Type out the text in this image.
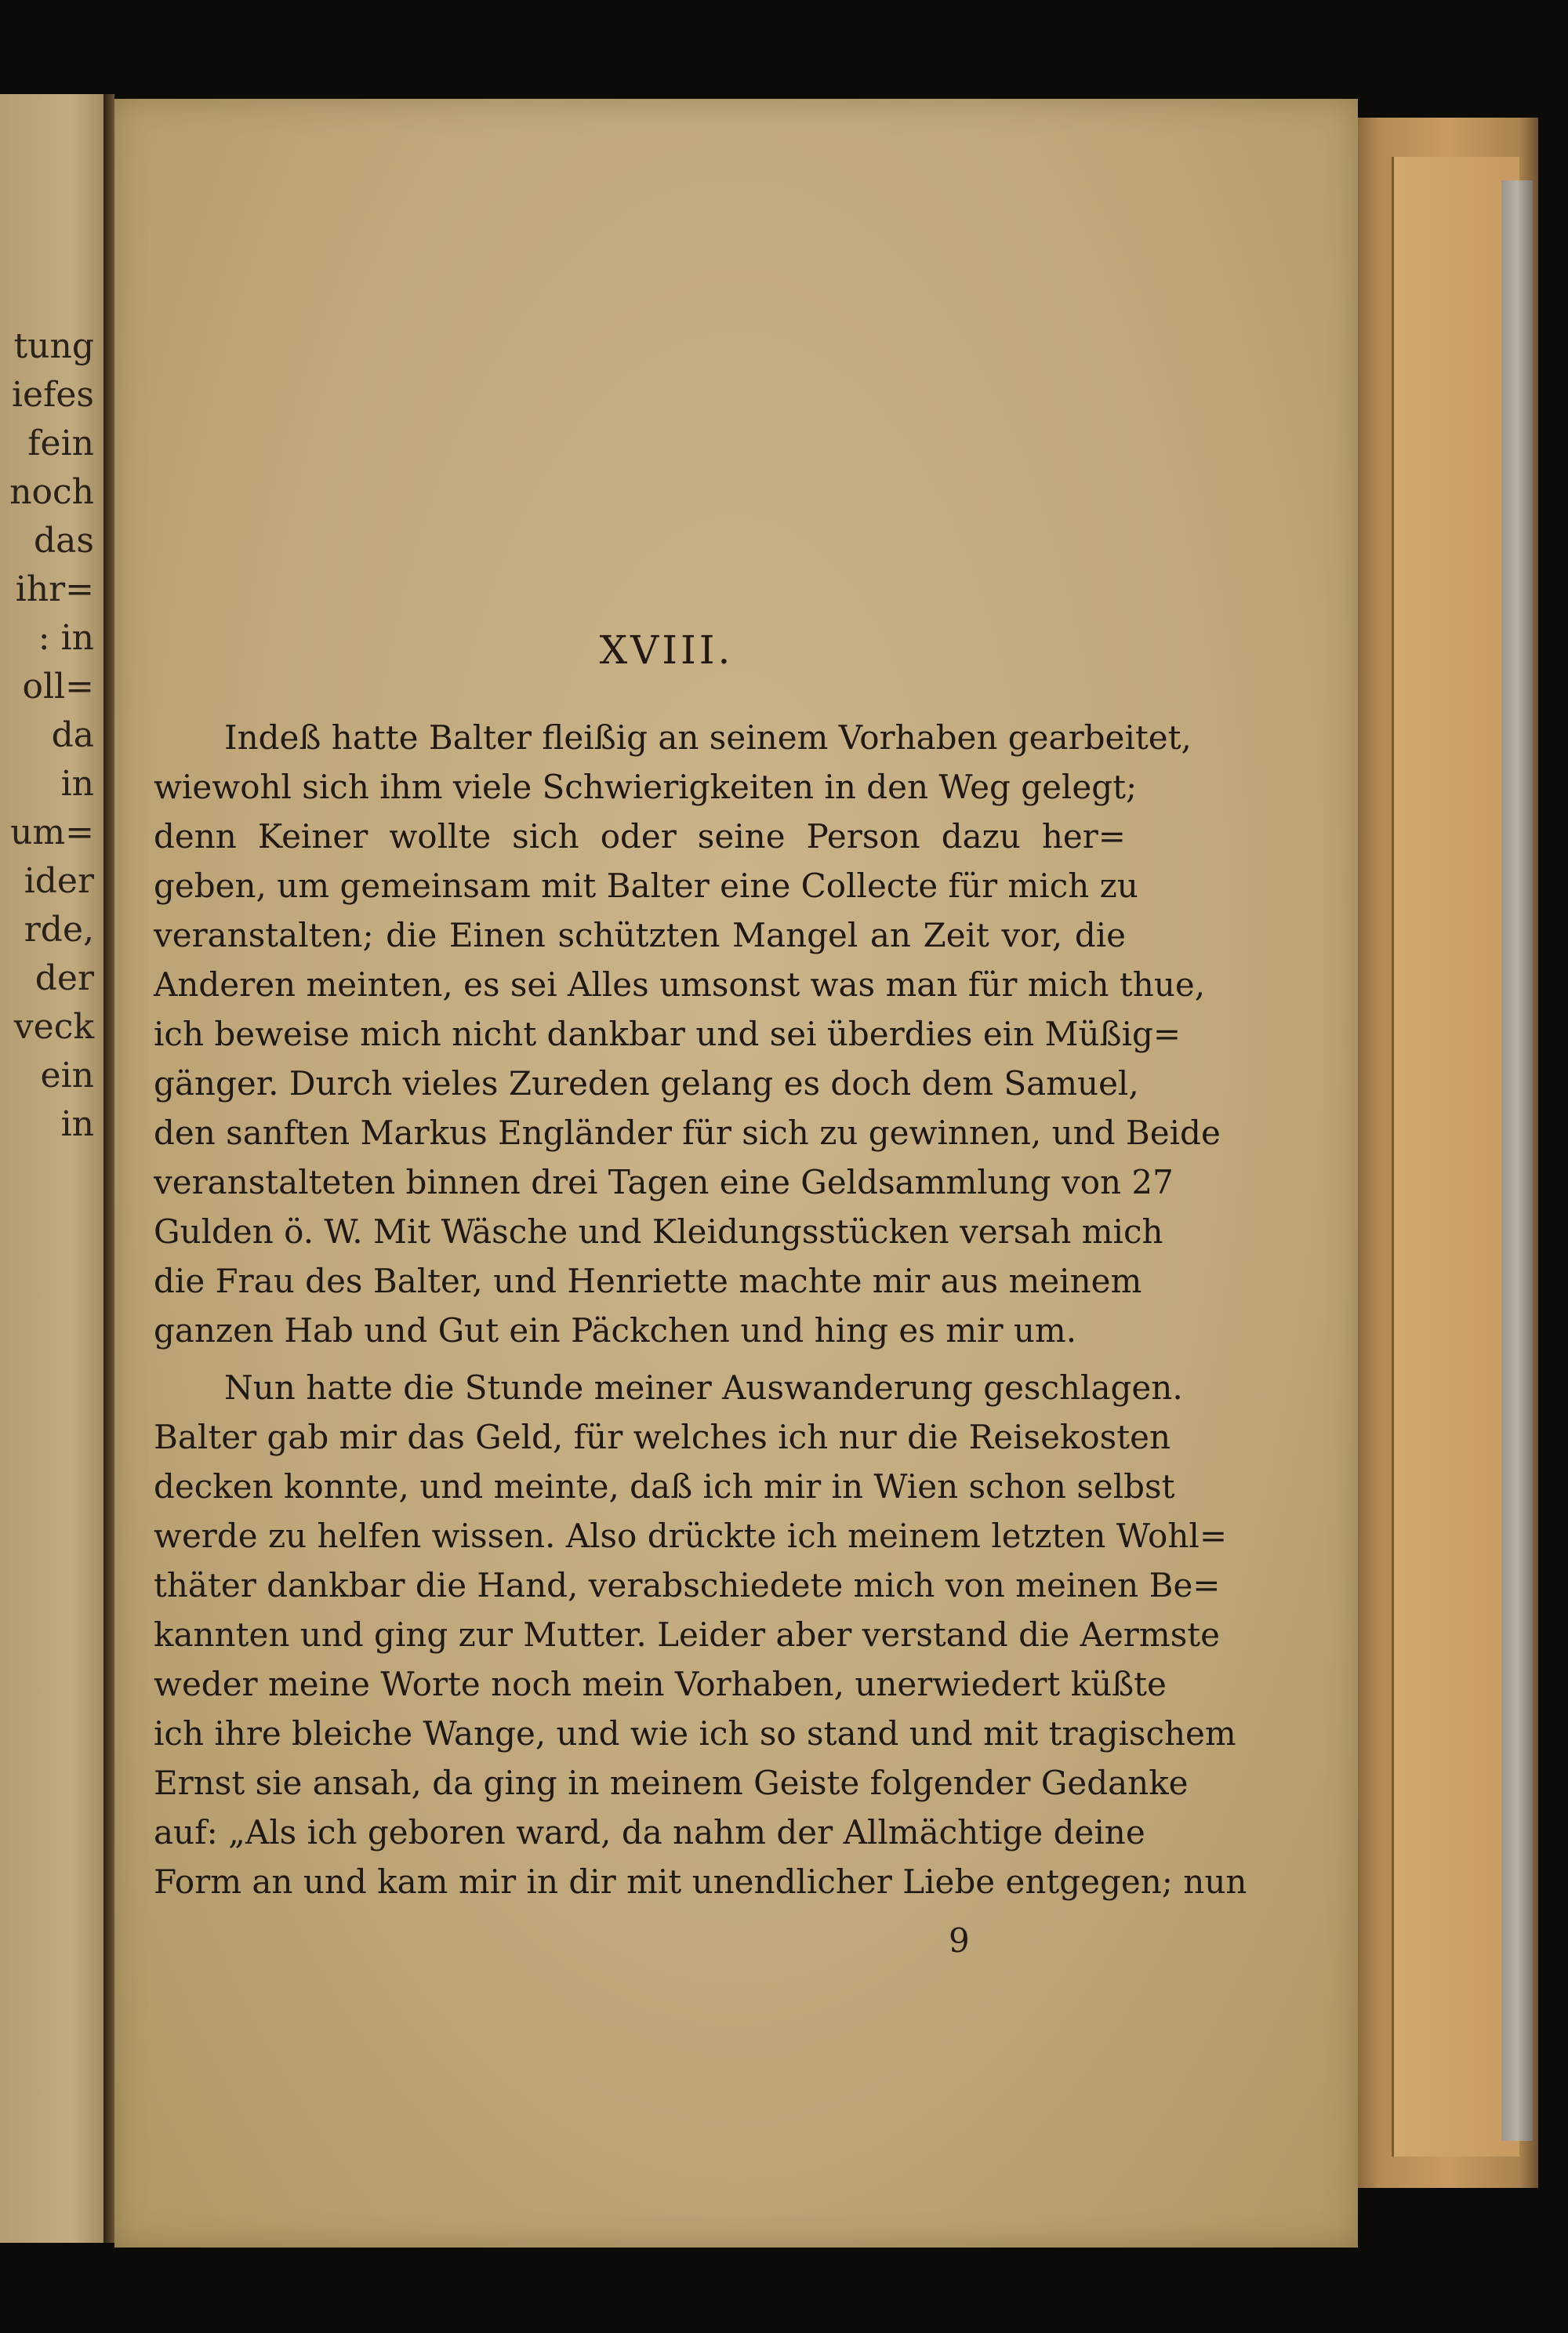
tung
iefes
fein
noch
das
ihr=
: in
oll=
da
in
um=
ider
rde,
der
veck
ein
in
XVIII.
Indeß hatte Balter fleißig an seinem Vorhaben gearbeitet,
wiewohl sich ihm viele Schwierigkeiten in den Weg gelegt;
denn Keiner wollte sich oder seine Person dazu her=
geben, um gemeinsam mit Balter eine Collecte für mich zu
veranstalten; die Einen schützten Mangel an Zeit vor, die
Anderen meinten, es sei Alles umsonst was man für mich thue,
ich beweise mich nicht dankbar und sei überdies ein Müßig=
gänger. Durch vieles Zureden gelang es doch dem Samuel,
den sanften Markus Engländer für sich zu gewinnen, und Beide
veranstalteten binnen drei Tagen eine Geldsammlung von 27
Gulden ö. W. Mit Wäsche und Kleidungsstücken versah mich
die Frau des Balter, und Henriette machte mir aus meinem
ganzen Hab und Gut ein Päckchen und hing es mir um.
Nun hatte die Stunde meiner Auswanderung geschlagen.
Balter gab mir das Geld, für welches ich nur die Reisekosten
decken konnte, und meinte, daß ich mir in Wien schon selbst
werde zu helfen wissen. Also drückte ich meinem letzten Wohl=
thäter dankbar die Hand, verabschiedete mich von meinen Be=
kannten und ging zur Mutter. Leider aber verstand die Aermste
weder meine Worte noch mein Vorhaben, unerwiedert küßte
ich ihre bleiche Wange, und wie ich so stand und mit tragischem
Ernst sie ansah, da ging in meinem Geiste folgender Gedanke
auf: „Als ich geboren ward, da nahm der Allmächtige deine
Form an und kam mir in dir mit unendlicher Liebe entgegen; nun
9
